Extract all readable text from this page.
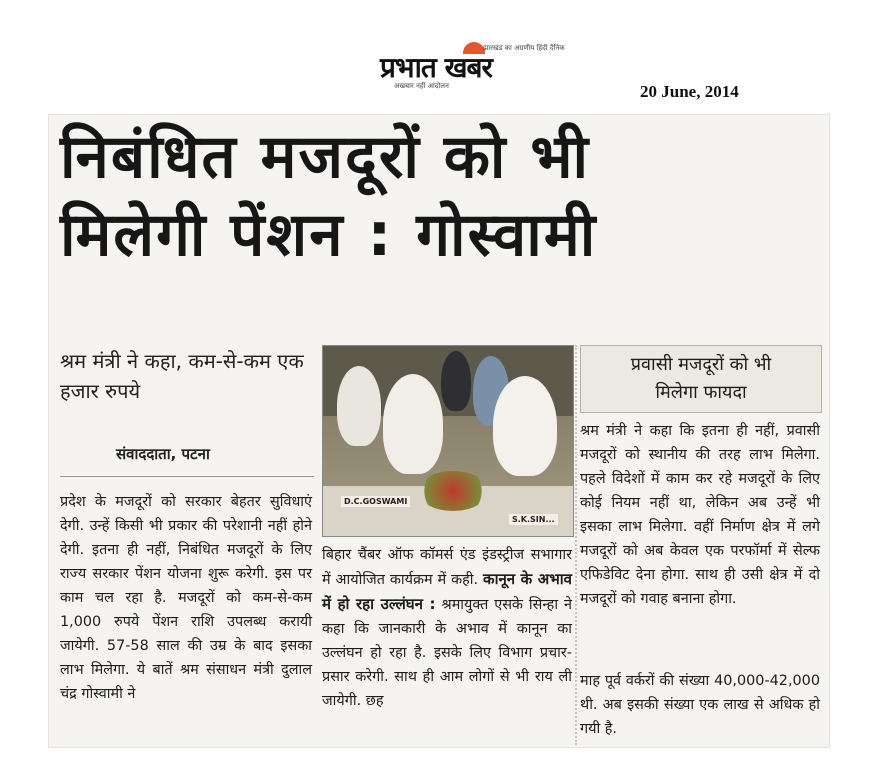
प्रभात खबर
झारखंड का अग्रणीय हिंदी दैनिक
अखबार नहीं आंदोलन	20 June, 2014
निबंधित मजदूरों को भी
मिलेगी पेंशन : गोस्वामी
श्रम मंत्री ने कहा, कम-से-कम एक हजार रुपये
संवाददाता, पटना
प्रदेश के मजदूरों को सरकार बेहतर सुविधाएं देगी. उन्हें किसी भी प्रकार की परेशानी नहीं होने देगी. इतना ही नहीं, निबंधित मजदूरों के लिए राज्य सरकार पेंशन योजना शुरू करेगी. इस पर काम चल रहा है. मजदूरों को कम-से-कम 1,000 रुपये पेंशन राशि उपलब्ध करायी जायेगी. 57-58 साल की उम्र के बाद इसका लाभ मिलेगा. ये बातें श्रम संसाधन मंत्री दुलाल चंद्र गोस्वामी ने
D.C.GOSWAMI
S.K.SIN...
बिहार चैंबर ऑफ कॉमर्स एंड इंडस्ट्रीज सभागार में आयोजित कार्यक्रम में कही. कानून के अभाव में हो रहा उल्लंघन : श्रमायुक्त एसके सिन्हा ने कहा कि जानकारी के अभाव में कानून का उल्लंघन हो रहा है. इसके लिए विभाग प्रचार-प्रसार करेगी. साथ ही आम लोगों से भी राय ली जायेगी. छह
प्रवासी मजदूरों को भी
मिलेगा फायदा
श्रम मंत्री ने कहा कि इतना ही नहीं, प्रवासी मजदूरों को स्थानीय की तरह लाभ मिलेगा. पहले विदेशों में काम कर रहे मजदूरों के लिए कोई नियम नहीं था, लेकिन अब उन्हें भी इसका लाभ मिलेगा. वहीं निर्माण क्षेत्र में लगे मजदूरों को अब केवल एक परफॉर्मा में सेल्फ एफिडेविट देना होगा. साथ ही उसी क्षेत्र में दो मजदूरों को गवाह बनाना होगा.
माह पूर्व वर्करों की संख्या 40,000-42,000 थी. अब इसकी संख्या एक लाख से अधिक हो गयी है.
